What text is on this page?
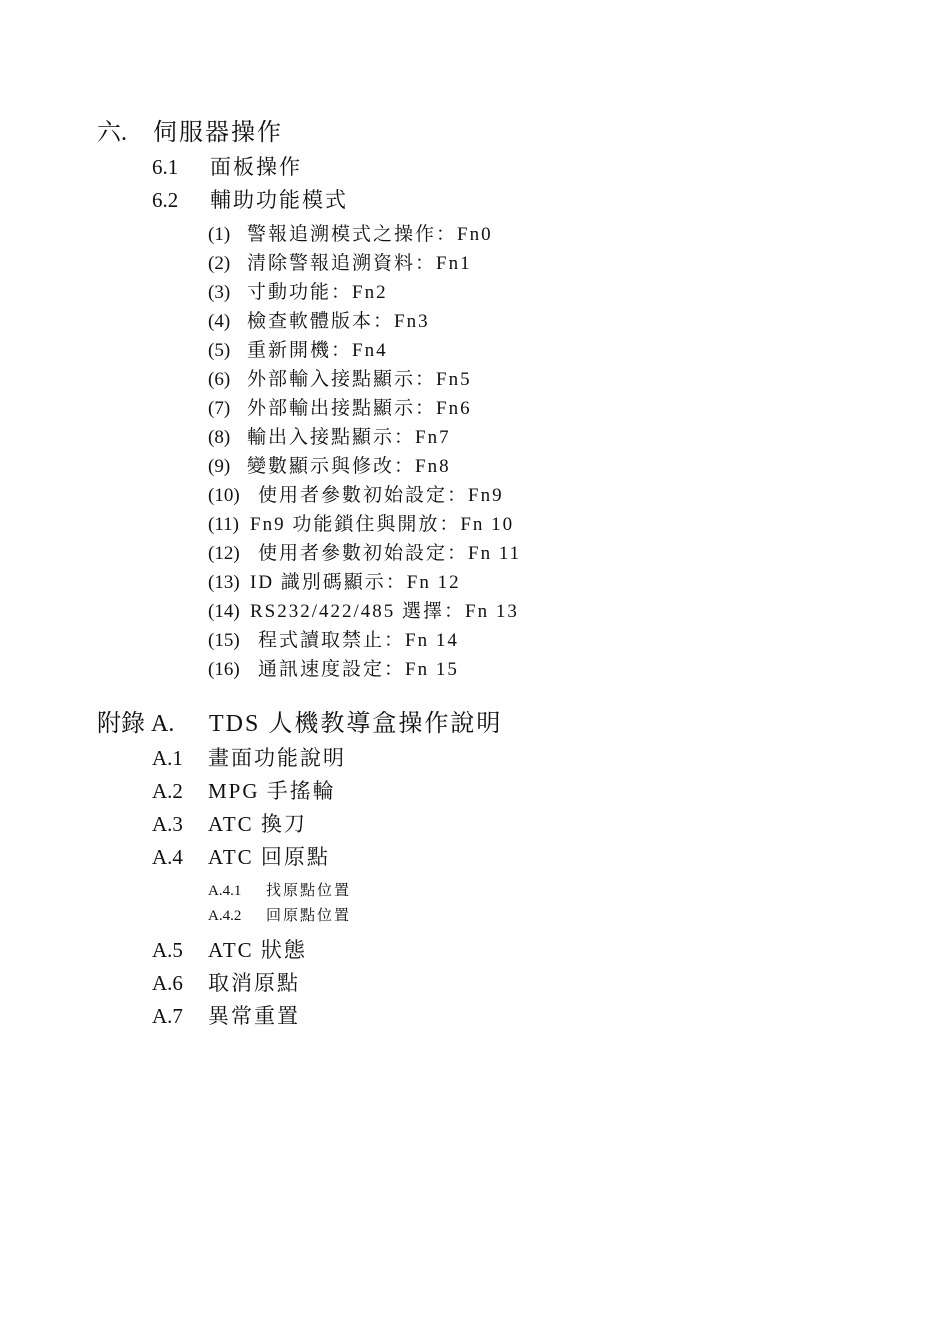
六. 伺服器操作
6.1 面板操作
6.2 輔助功能模式
(1) 警報追溯模式之操作：Fn0
(2) 清除警報追溯資料：Fn1
(3) 寸動功能：Fn2
(4) 檢查軟體版本：Fn3
(5) 重新開機：Fn4
(6) 外部輸入接點顯示：Fn5
(7) 外部輸出接點顯示：Fn6
(8) 輸出入接點顯示：Fn7
(9) 變數顯示與修改：Fn8
(10) 使用者參數初始設定：Fn9
(11) Fn9 功能鎖住與開放：Fn 10
(12) 使用者參數初始設定：Fn 11
(13) ID 識別碼顯示：Fn 12
(14) RS232/422/485 選擇：Fn 13
(15) 程式讀取禁止：Fn 14
(16) 通訊速度設定：Fn 15
附錄 A. TDS 人機教導盒操作說明
A.1 畫面功能說明
A.2 MPG 手搖輪
A.3 ATC 換刀
A.4 ATC 回原點
A.4.1 找原點位置
A.4.2 回原點位置
A.5 ATC 狀態
A.6 取消原點
A.7 異常重置
